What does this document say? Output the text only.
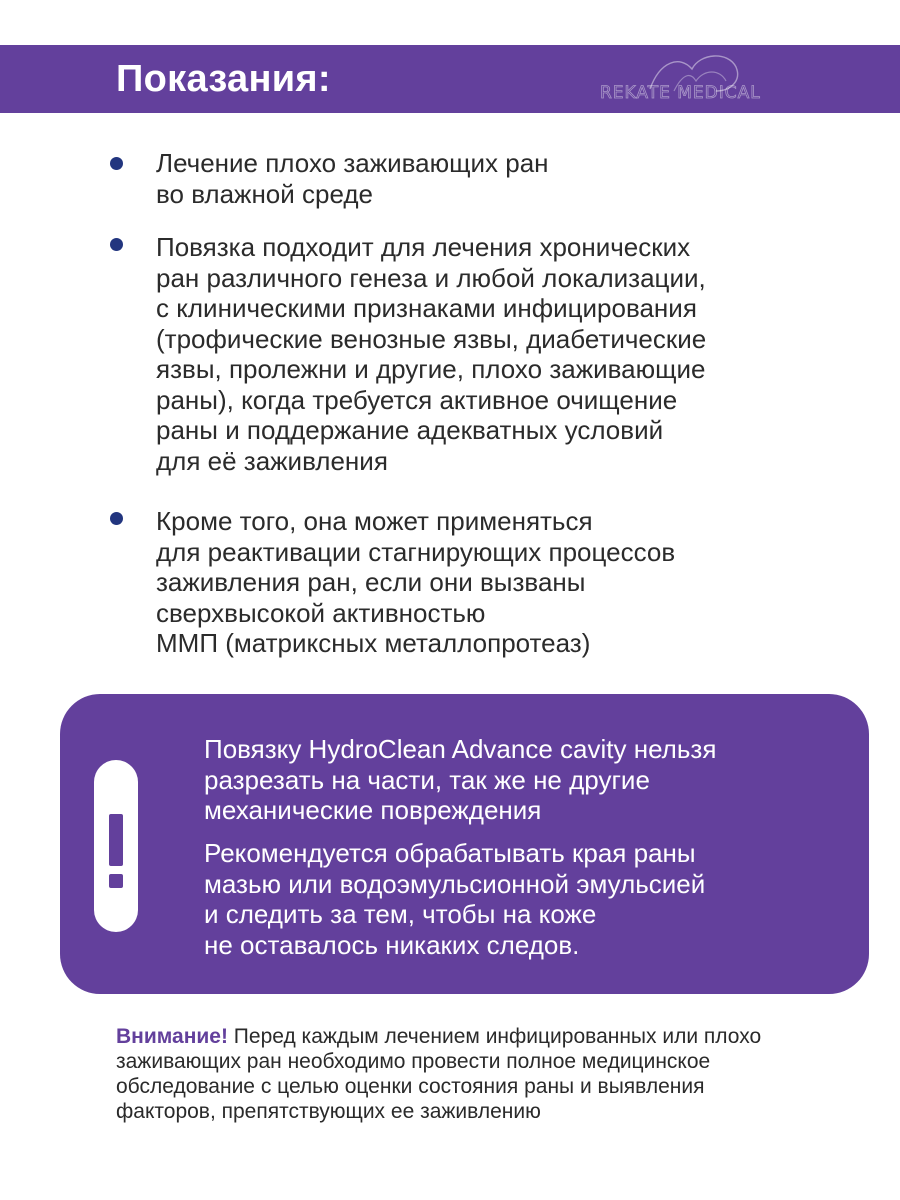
Показания:	REKATE MEDICAL
Лечение плохо заживающих ран
во влажной среде
Повязка подходит для лечения хронических
ран различного генеза и любой локализации,
с клиническими признаками инфицирования
(трофические венозные язвы, диабетические
язвы, пролежни и другие, плохо заживающие
раны), когда требуется активное очищение
раны и поддержание адекватных условий
для её заживления
Кроме того, она может применяться
для реактивации стагнирующих процессов
заживления ран, если они вызваны
сверхвысокой активностью
ММП (матриксных металлопротеаз)

Повязку HydroClean Advance cavity нельзя
разрезать на части, так же не другие
механические повреждения

Рекомендуется обрабатывать края раны
мазью или водоэмульсионной эмульсией
и следить за тем, чтобы на коже
не оставалось никаких следов.

Внимание! Перед каждым лечением инфицированных или плохо
заживающих ран необходимо провести полное медицинское
обследование с целью оценки состояния раны и выявления
факторов, препятствующих ее заживлению
